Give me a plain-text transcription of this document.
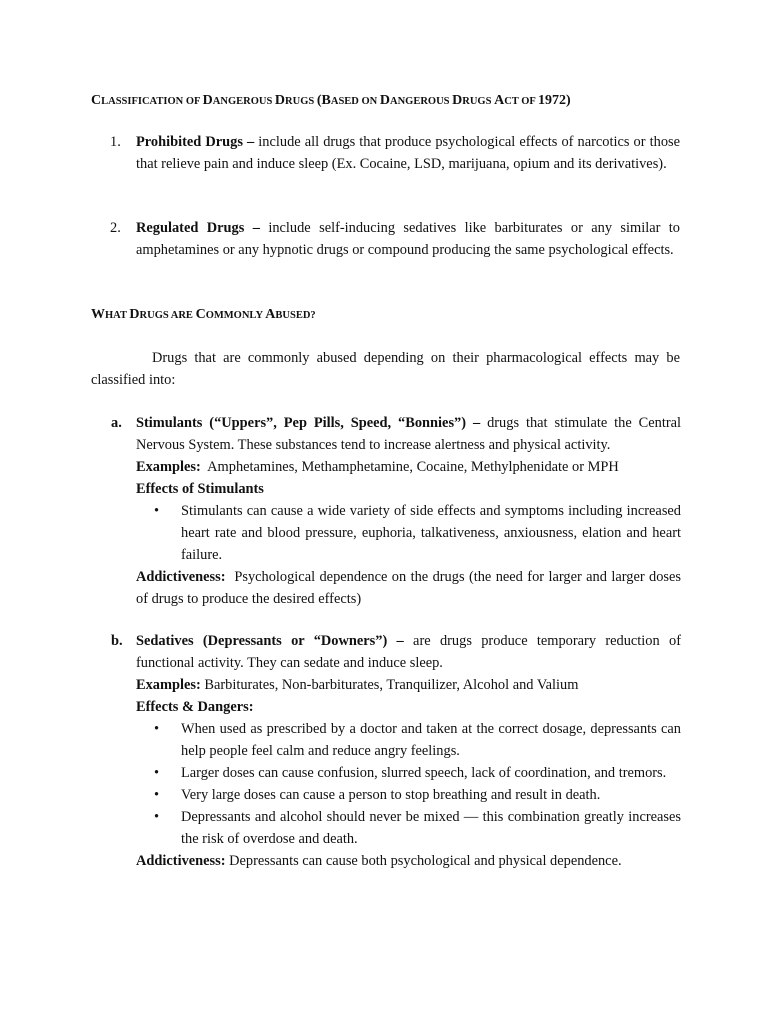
CLASSIFICATION OF DANGEROUS DRUGS (BASED ON DANGEROUS DRUGS ACT OF 1972)
1. Prohibited Drugs – include all drugs that produce psychological effects of narcotics or those that relieve pain and induce sleep (Ex. Cocaine, LSD, marijuana, opium and its derivatives).
2. Regulated Drugs – include self-inducing sedatives like barbiturates or any similar to amphetamines or any hypnotic drugs or compound producing the same psychological effects.
WHAT DRUGS ARE COMMONLY ABUSED?
Drugs that are commonly abused depending on their pharmacological effects may be classified into:
a. Stimulants (“Uppers”, Pep Pills, Speed, “Bonnies”) – drugs that stimulate the Central Nervous System. These substances tend to increase alertness and physical activity.
Examples:  Amphetamines, Methamphetamine, Cocaine, Methylphenidate or MPH
Effects of Stimulants
• Stimulants can cause a wide variety of side effects and symptoms including increased heart rate and blood pressure, euphoria, talkativeness, anxiousness, elation and heart failure.
Addictiveness:  Psychological dependence on the drugs (the need for larger and larger doses of drugs to produce the desired effects)
b. Sedatives (Depressants or “Downers”) – are drugs produce temporary reduction of functional activity. They can sedate and induce sleep.
Examples: Barbiturates, Non-barbiturates, Tranquilizer, Alcohol and Valium
Effects & Dangers:
• When used as prescribed by a doctor and taken at the correct dosage, depressants can help people feel calm and reduce angry feelings.
• Larger doses can cause confusion, slurred speech, lack of coordination, and tremors.
• Very large doses can cause a person to stop breathing and result in death.
• Depressants and alcohol should never be mixed — this combination greatly increases the risk of overdose and death.
Addictiveness: Depressants can cause both psychological and physical dependence.
